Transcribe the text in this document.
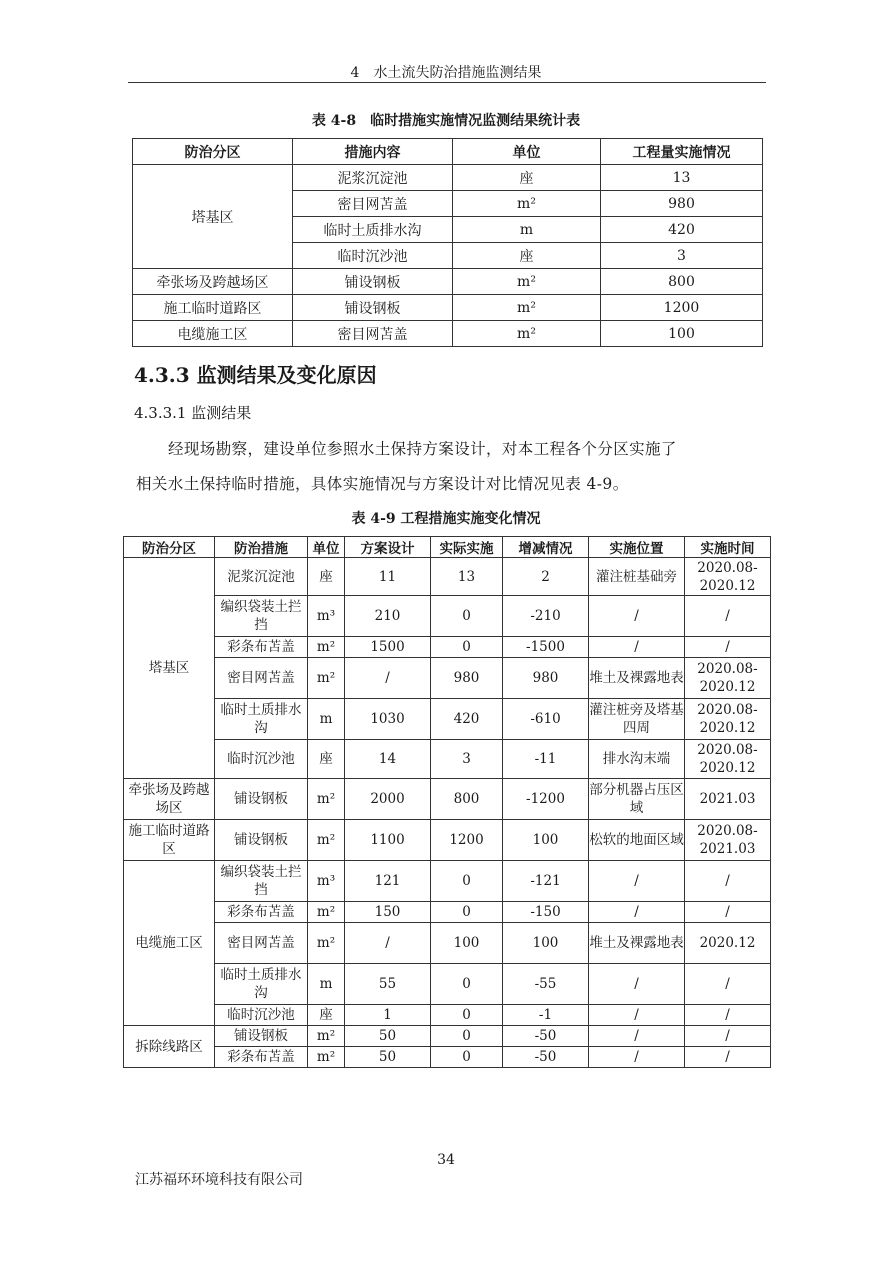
4　水土流失防治措施监测结果
表 4-8　临时措施实施情况监测结果统计表
防治分区	措施内容	单位	工程量实施情况
塔基区	泥浆沉淀池	座	13
	密目网苫盖	m²	980
	临时土质排水沟	m	420
	临时沉沙池	座	3
牵张场及跨越场区	铺设钢板	m²	800
施工临时道路区	铺设钢板	m²	1200
电缆施工区	密目网苫盖	m²	100
4.3.3 监测结果及变化原因
4.3.3.1 监测结果
经现场勘察，建设单位参照水土保持方案设计，对本工程各个分区实施了
相关水土保持临时措施，具体实施情况与方案设计对比情况见表 4-9。
表 4-9 工程措施实施变化情况
防治分区	防治措施	单位	方案设计	实际实施	增减情况	实施位置	实施时间
塔基区	泥浆沉淀池	座	11	13	2	灌注桩基础旁	2020.08-2020.12
	编织袋装土拦挡	m³	210	0	-210	/	/
	彩条布苫盖	m²	1500	0	-1500	/	/
	密目网苫盖	m²	/	980	980	堆土及裸露地表	2020.08-2020.12
	临时土质排水沟	m	1030	420	-610	灌注桩旁及塔基四周	2020.08-2020.12
	临时沉沙池	座	14	3	-11	排水沟末端	2020.08-2020.12
牵张场及跨越场区	铺设钢板	m²	2000	800	-1200	部分机器占压区域	2021.03
施工临时道路区	铺设钢板	m²	1100	1200	100	松软的地面区域	2020.08-2021.03
电缆施工区	编织袋装土拦挡	m³	121	0	-121	/	/
	彩条布苫盖	m²	150	0	-150	/	/
	密目网苫盖	m²	/	100	100	堆土及裸露地表	2020.12
	临时土质排水沟	m	55	0	-55	/	/
	临时沉沙池	座	1	0	-1	/	/
拆除线路区	铺设钢板	m²	50	0	-50	/	/
	彩条布苫盖	m²	50	0	-50	/	/
34
江苏福环环境科技有限公司
